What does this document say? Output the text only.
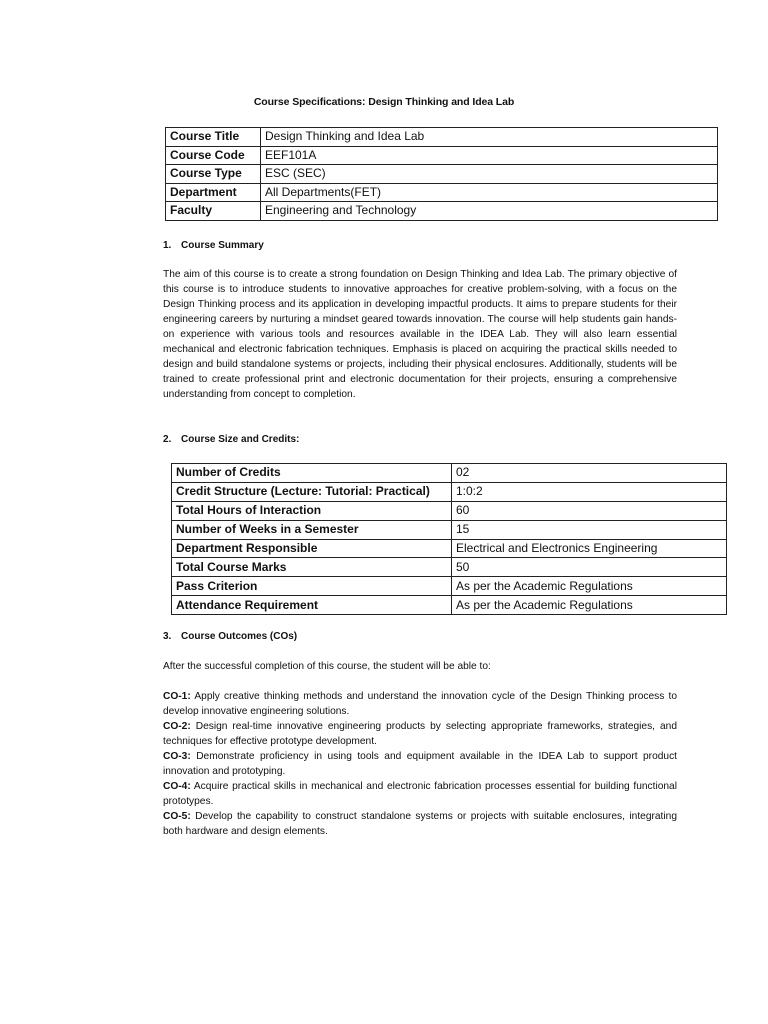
Course Specifications: Design Thinking and Idea Lab
Course Title	Design Thinking and Idea Lab
Course Code	EEF101A
Course Type	ESC (SEC)
Department	All Departments(FET)
Faculty	Engineering and Technology
1. Course Summary
The aim of this course is to create a strong foundation on Design Thinking and Idea Lab. The primary objective of this course is to introduce students to innovative approaches for creative problem-solving, with a focus on the Design Thinking process and its application in developing impactful products. It aims to prepare students for their engineering careers by nurturing a mindset geared towards innovation. The course will help students gain hands-on experience with various tools and resources available in the IDEA Lab. They will also learn essential mechanical and electronic fabrication techniques. Emphasis is placed on acquiring the practical skills needed to design and build standalone systems or projects, including their physical enclosures. Additionally, students will be trained to create professional print and electronic documentation for their projects, ensuring a comprehensive understanding from concept to completion.
2. Course Size and Credits:
Number of Credits	02
Credit Structure (Lecture: Tutorial: Practical)	1:0:2
Total Hours of Interaction	60
Number of Weeks in a Semester	15
Department Responsible	Electrical and Electronics Engineering
Total Course Marks	50
Pass Criterion	As per the Academic Regulations
Attendance Requirement	As per the Academic Regulations
3. Course Outcomes (COs)
After the successful completion of this course, the student will be able to:

CO-1: Apply creative thinking methods and understand the innovation cycle of the Design Thinking process to develop innovative engineering solutions.

CO-2: Design real-time innovative engineering products by selecting appropriate frameworks, strategies, and techniques for effective prototype development.

CO-3: Demonstrate proficiency in using tools and equipment available in the IDEA Lab to support product innovation and prototyping.

CO-4: Acquire practical skills in mechanical and electronic fabrication processes essential for building functional prototypes.

CO-5: Develop the capability to construct standalone systems or projects with suitable enclosures, integrating both hardware and design elements.
